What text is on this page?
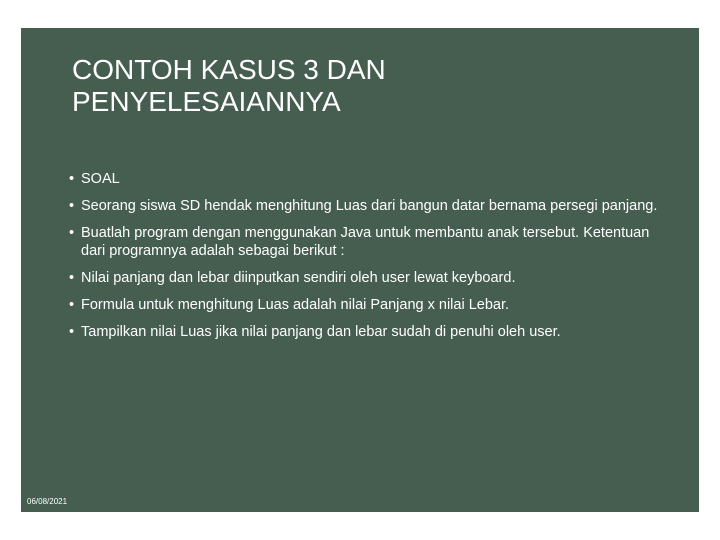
CONTOH KASUS 3 DAN
PENYELESAIANNYA
• SOAL
• Seorang siswa SD hendak menghitung Luas dari bangun datar bernama persegi panjang.
• Buatlah program dengan menggunakan Java untuk membantu anak tersebut. Ketentuan dari programnya adalah sebagai berikut :
• Nilai panjang dan lebar diinputkan sendiri oleh user lewat keyboard.
• Formula untuk menghitung Luas adalah nilai Panjang x nilai Lebar.
• Tampilkan nilai Luas jika nilai panjang dan lebar sudah di penuhi oleh user.
06/08/2021
